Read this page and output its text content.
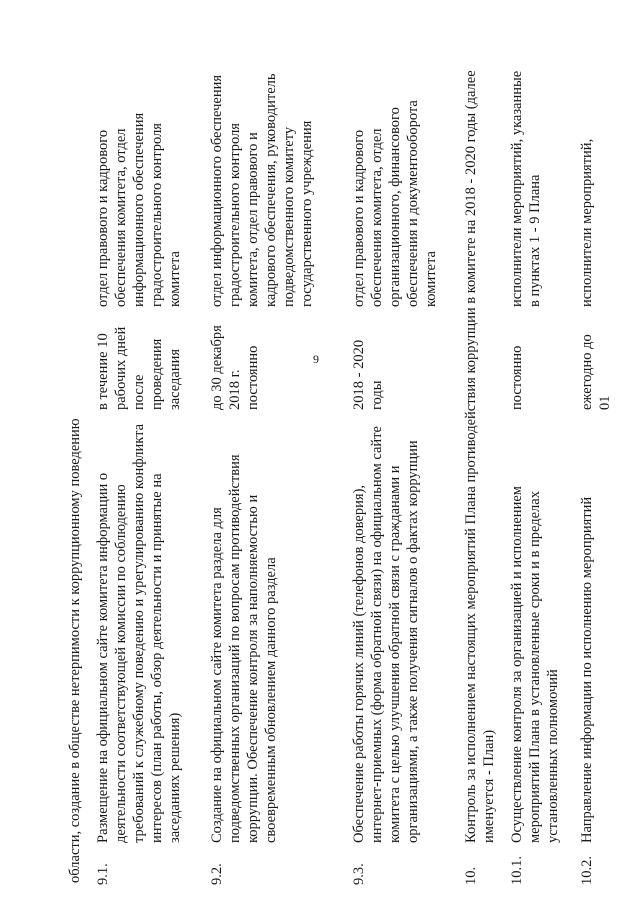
9
области, создание в обществе нетерпимости к коррупционному поведению 9.1.
Размещение на официальном сайте комитета информации о деятельности соответствующей комиссии по соблюдению требований к служебному поведению и урегулированию конфликта интересов (план работы, обзор деятельности и принятые на заседаниях решения)
в течение 10 рабочих дней после проведения заседания
отдел правового и кадрового обеспечения комитета, отдел информационного обеспечения градостроительного контроля комитета
9.2.
Создание на официальном сайте комитета раздела для подведомственных организаций по вопросам противодействия коррупции. Обеспечение контроля за наполняемостью и своевременным обновлением данного раздела
до 30 декабря 2018 г.
постоянно
отдел информационного обеспечения градостроительного контроля комитета, отдел правового и кадрового обеспечения, руководитель подведомственного комитету государственного учреждения
9.3.
Обеспечение работы горячих линий (телефонов доверия), интернет-приемных (форма обратной связи) на официальном сайте комитета с целью улучшения обратной связи с гражданами и организациями, а также получения сигналов о фактах коррупции
2018 - 2020 годы
отдел правового и кадрового обеспечения комитета, отдел организационного, финансового обеспечения и документооборота комитета
10.
Контроль за исполнением настоящих мероприятий Плана противодействия коррупции в комитете на 2018 - 2020 годы (далее именуется - План)
10.1.
Осуществление контроля за организацией и исполнением мероприятий Плана в установленные сроки и в пределах установленных полномочий
постоянно
исполнители мероприятий, указанные в пунктах 1 - 9 Плана
10.2.
Направление информации по исполнению мероприятий
ежегодно до 01
исполнители мероприятий,
